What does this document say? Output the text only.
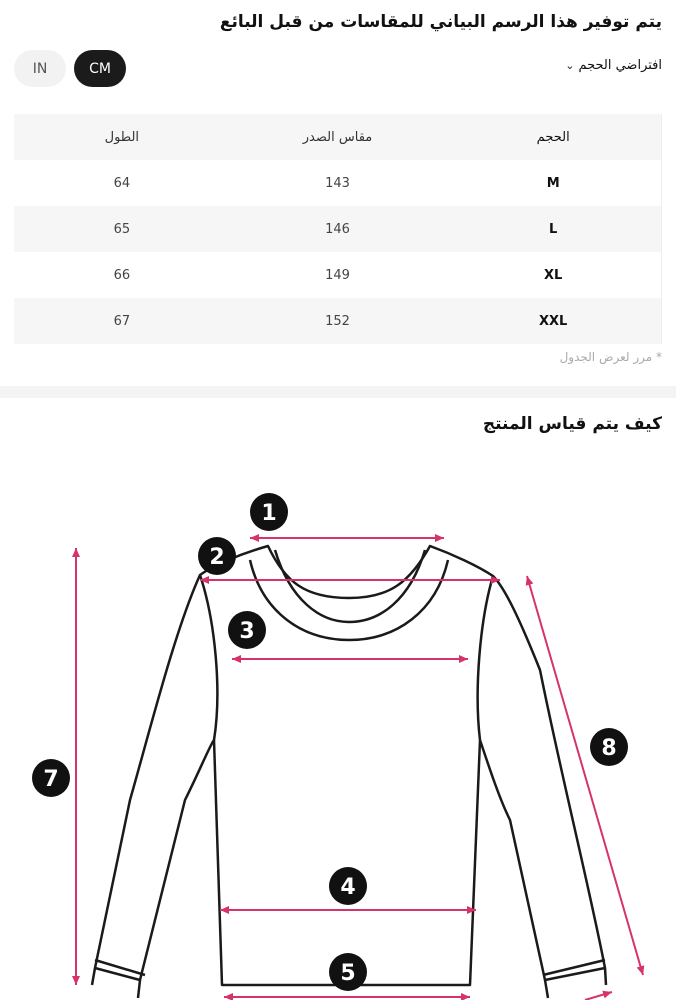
يتم توفير هذا الرسم البياني للمقاسات من قبل البائع
IN	CM	افتراضي الحجم
⌄
الطول	مقاس الصدر	الحجم
64	143	M
65	146	L
66	149	XL
67	152	XXL
* مرر لعرض الجدول
كيف يتم قياس المنتج
1
2
3
4
5
7
8
